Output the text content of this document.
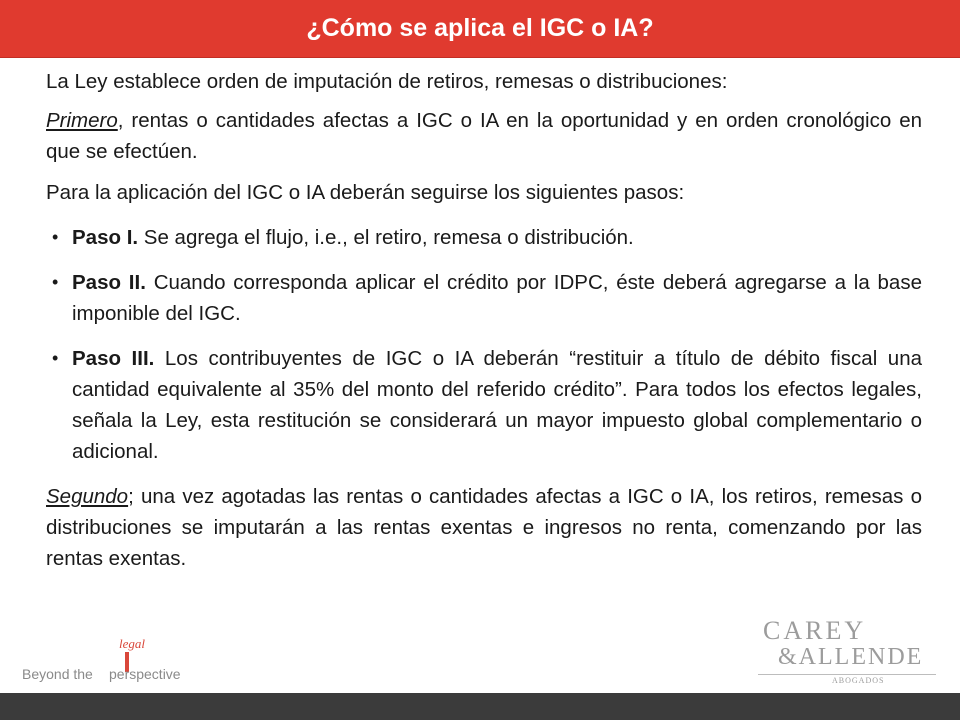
¿Cómo se aplica el IGC o IA?

La Ley establece orden de imputación de retiros, remesas o distribuciones:

Primero, rentas o cantidades afectas a IGC o IA en la oportunidad y en orden cronológico en que se efectúen.

Para la aplicación del IGC o IA deberán seguirse los siguientes pasos:

• Paso I. Se agrega el flujo, i.e., el retiro, remesa o distribución.
• Paso II. Cuando corresponda aplicar el crédito por IDPC, éste deberá agregarse a la base imponible del IGC.
• Paso III. Los contribuyentes de IGC o IA deberán “restituir a título de débito fiscal una cantidad equivalente al 35% del monto del referido crédito”. Para todos los efectos legales, señala la Ley, esta restitución se considerará un mayor impuesto global complementario o adicional.

Segundo; una vez agotadas las rentas o cantidades afectas a IGC o IA, los retiros, remesas o distribuciones se imputarán a las rentas exentas e ingresos no renta, comenzando por las rentas exentas.

legal
Beyond the perspective
CAREY
&ALLENDE
ABOGADOS
